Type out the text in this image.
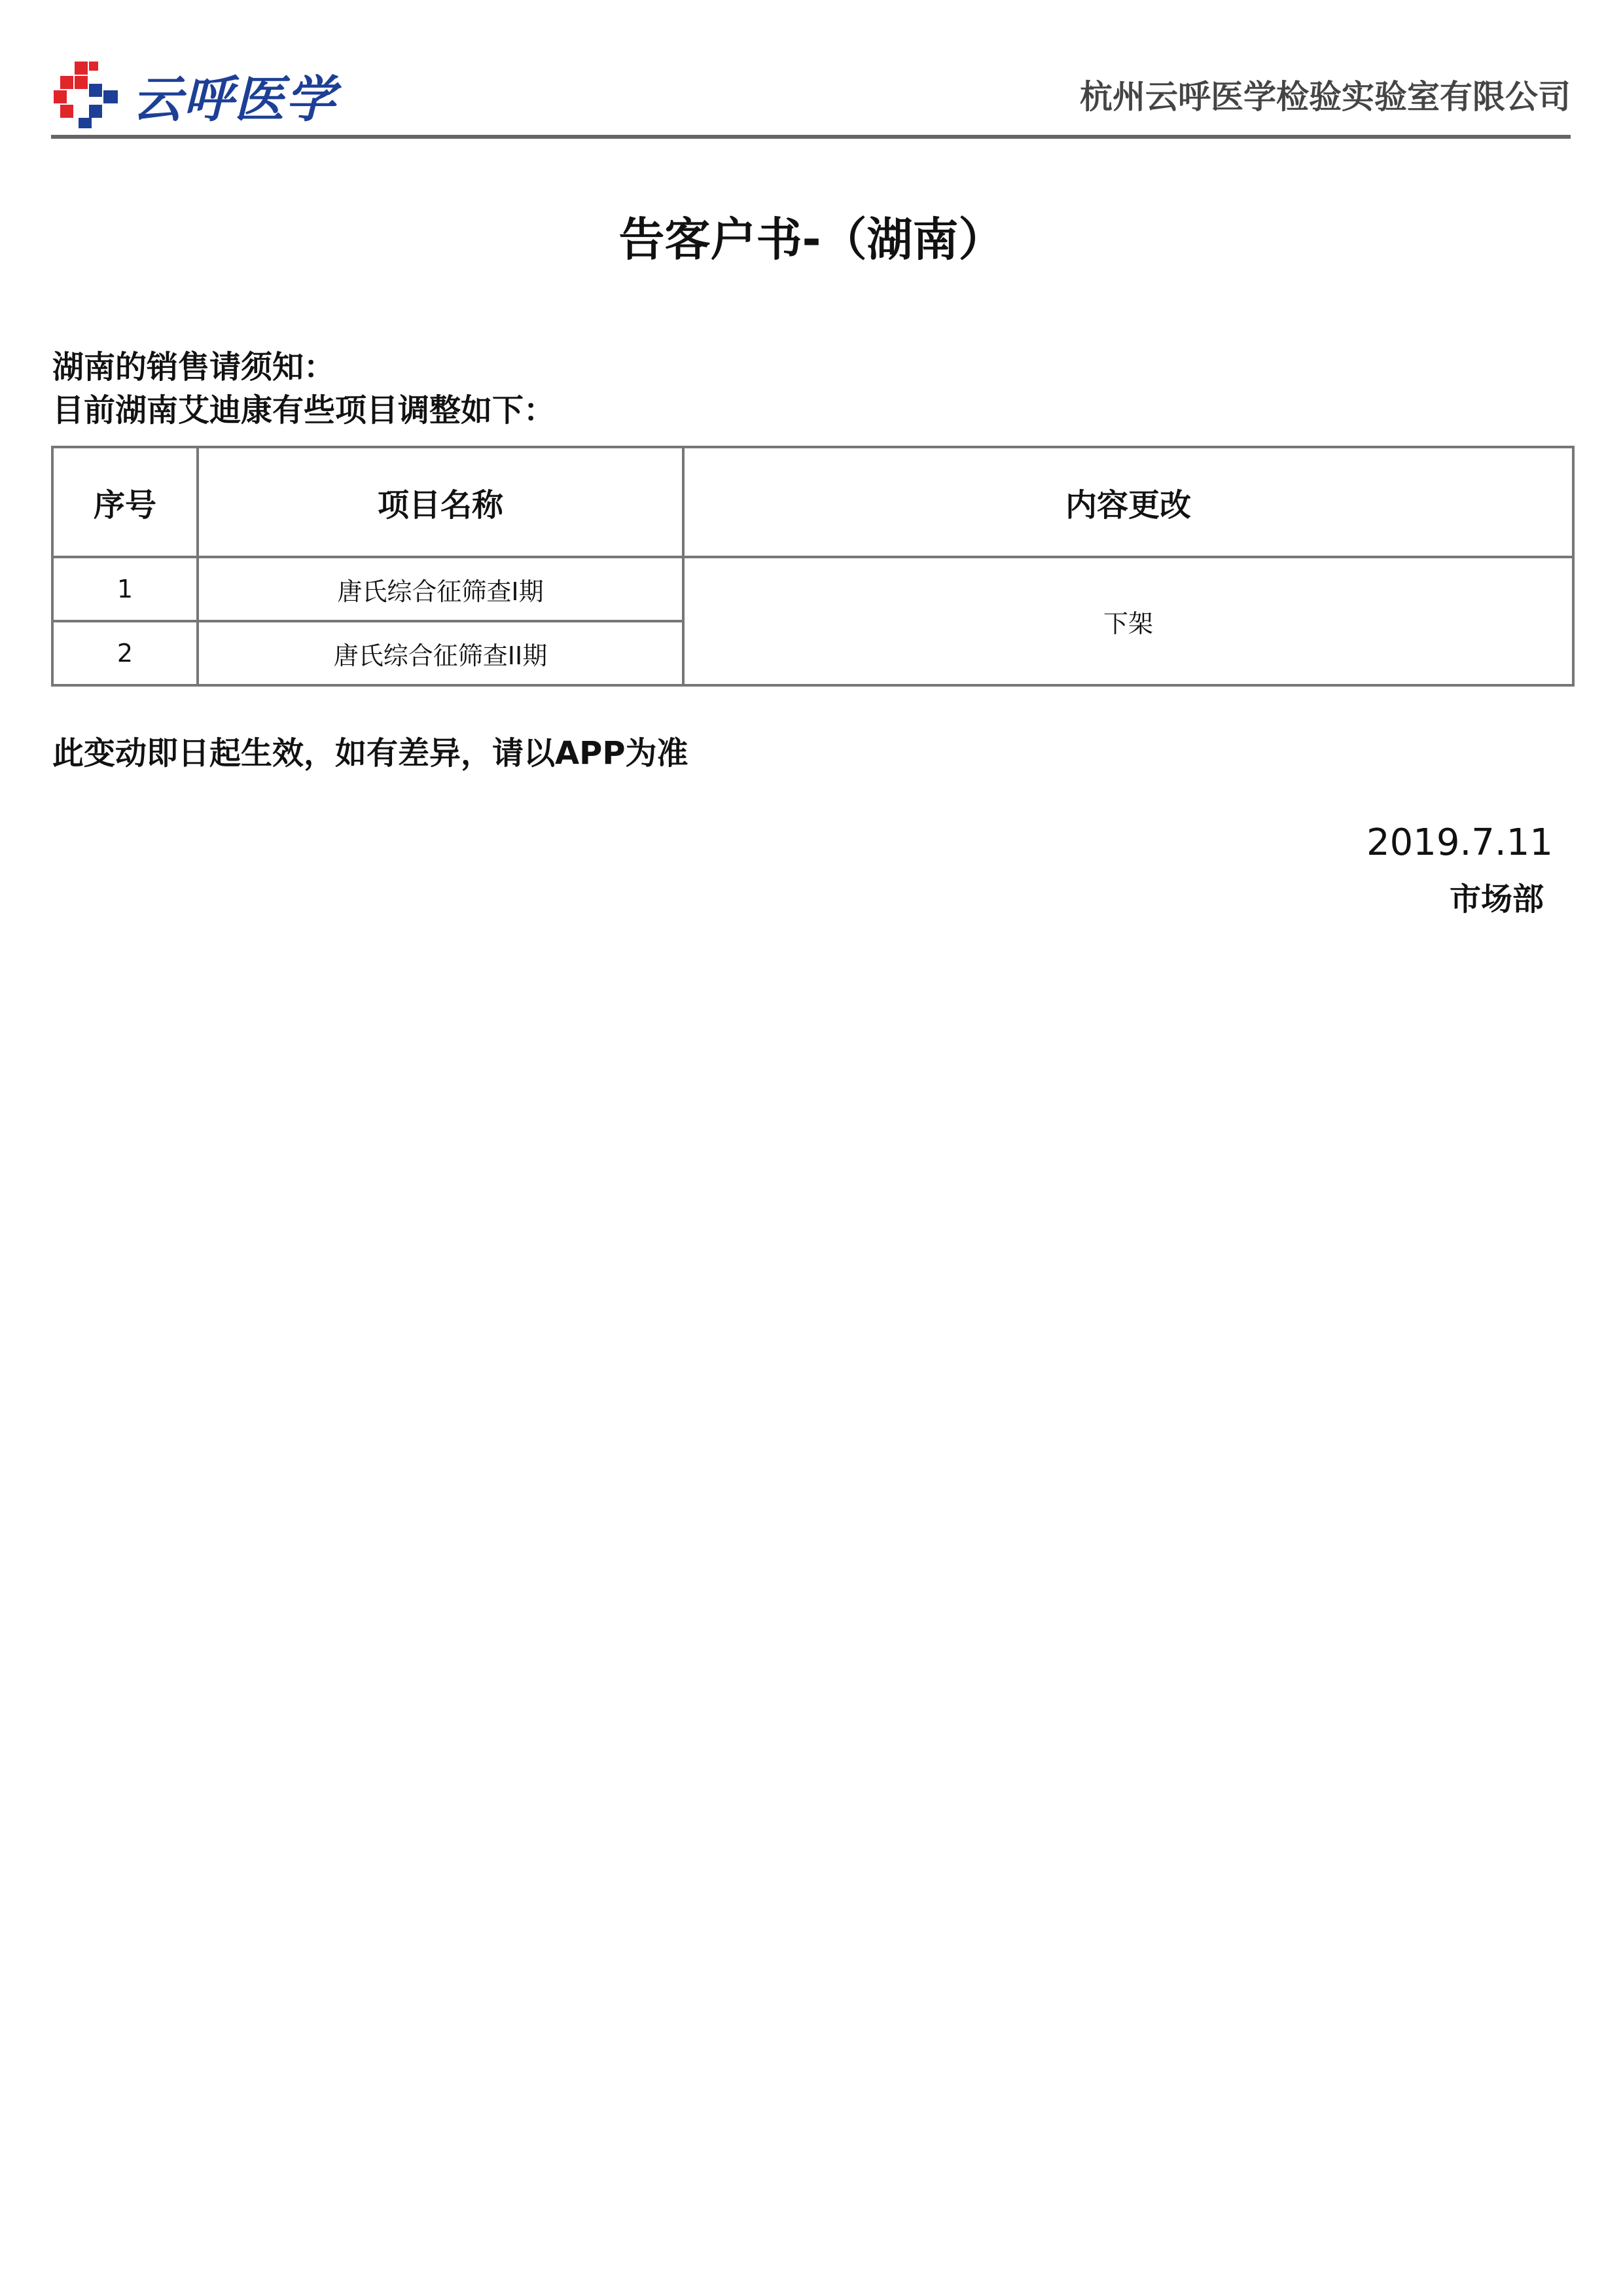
云呼医学	杭州云呼医学检验实验室有限公司
告客户书-（湖南）
湖南的销售请须知：
目前湖南艾迪康有些项目调整如下：
序号	项目名称	内容更改
1	唐氏综合征筛查I期	下架
2	唐氏综合征筛查II期	
此变动即日起生效，如有差异，请以APP为准
2019.7.11
市场部
